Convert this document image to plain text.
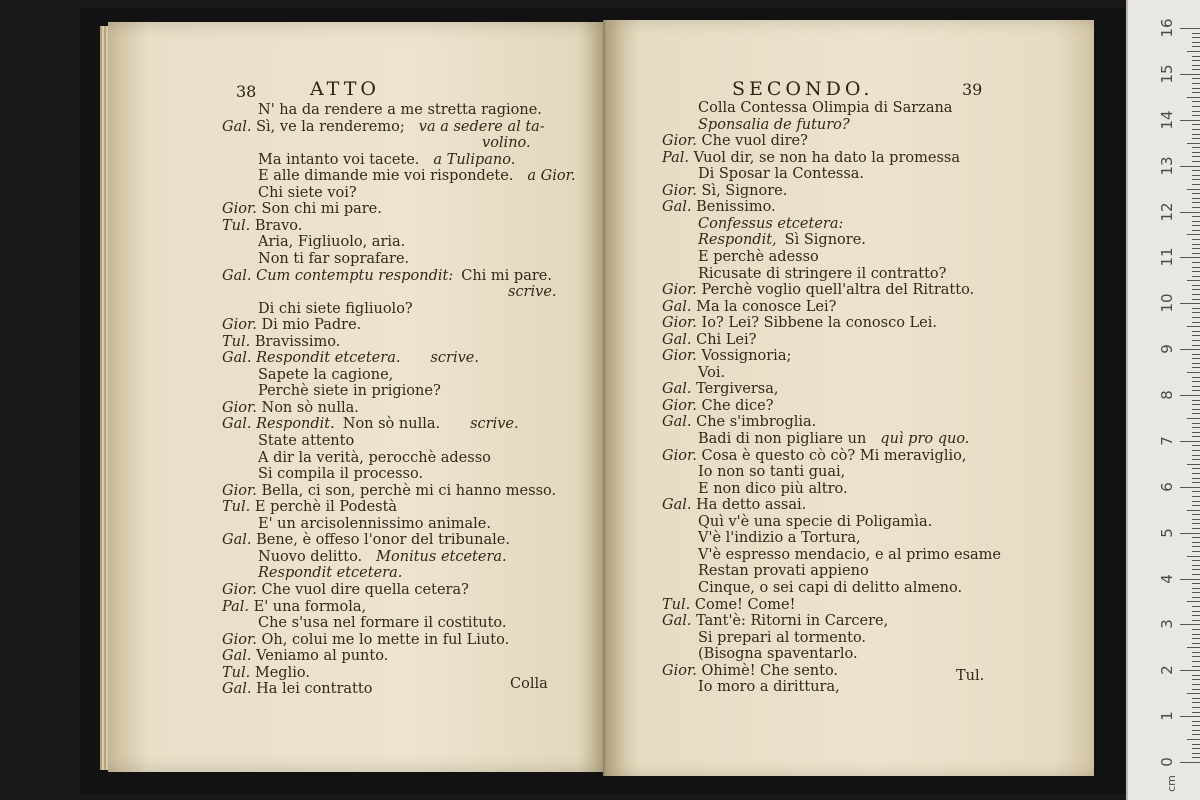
38	ATTO
N' ha da rendere a me stretta ragione.
Gal. Sì, ve la renderemo; va a sedere al ta-
volino.
Ma intanto voi tacete. a Tulipano.
E alle dimande mie voi rispondete. a Gior.
Chi siete voi?
Gior. Son chi mi pare.
Tul. Bravo.
Aria, Figliuolo, aria.
Non ti far soprafare.
Gal. Cum contemptu respondit: Chi mi pare.
scrive.
Di chi siete figliuolo?
Gior. Di mio Padre.
Tul. Bravissimo.
Gal. Respondit etcetera. scrive.
Sapete la cagione,
Perchè siete in prigione?
Gior. Non sò nulla.
Gal. Respondit. Non sò nulla. scrive.
State attento
A dir la verità, perocchè adesso
Si compila il processo.
Gior. Bella, ci son, perchè mi ci hanno messo.
Tul. E perchè il Podestà
E' un arcisolennissimo animale.
Gal. Bene, è offeso l'onor del tribunale.
Nuovo delitto. Monitus etcetera.
Respondit etcetera.
Gior. Che vuol dire quella cetera?
Pal. E' una formola,
Che s'usa nel formare il costituto.
Gior. Oh, colui me lo mette in ful Liuto.
Gal. Veniamo al punto.
Tul. Meglio.
Gal. Ha lei contratto	Colla
SECONDO.	39
Colla Contessa Olimpia di Sarzana
Sponsalia de futuro?
Gior. Che vuol dire?
Pal. Vuol dir, se non ha dato la promessa
Di Sposar la Contessa.
Gior. Sì, Signore.
Gal. Benissimo.
Confessus etcetera:
Respondit, Sì Signore.
E perchè adesso
Ricusate di stringere il contratto?
Gior. Perchè voglio quell'altra del Ritratto.
Gal. Ma la conosce Lei?
Gior. Io? Lei? Sibbene la conosco Lei.
Gal. Chi Lei?
Gior. Vossignoria;
Voi.
Gal. Tergiversa,
Gior. Che dice?
Gal. Che s'imbroglia.
Badi di non pigliare un quì pro quo.
Gior. Cosa è questo cò cò? Mi meraviglio,
Io non so tanti guai,
E non dico più altro.
Gal. Ha detto assai.
Quì v'è una specie di Poligamìa.
V'è l'indizio a Tortura,
V'è espresso mendacio, e al primo esame
Restan provati appieno
Cinque, o sei capi di delitto almeno.
Tul. Come! Come!
Gal. Tant'è: Ritorni in Carcere,
Si prepari al tormento.
(Bisogna spaventarlo.
Gior. Ohimè! Che sento.
Io moro a dirittura,
Tul.
cm
16
15
14
13
12
11
10
9
8
7
6
5
4
3
2
1
0
